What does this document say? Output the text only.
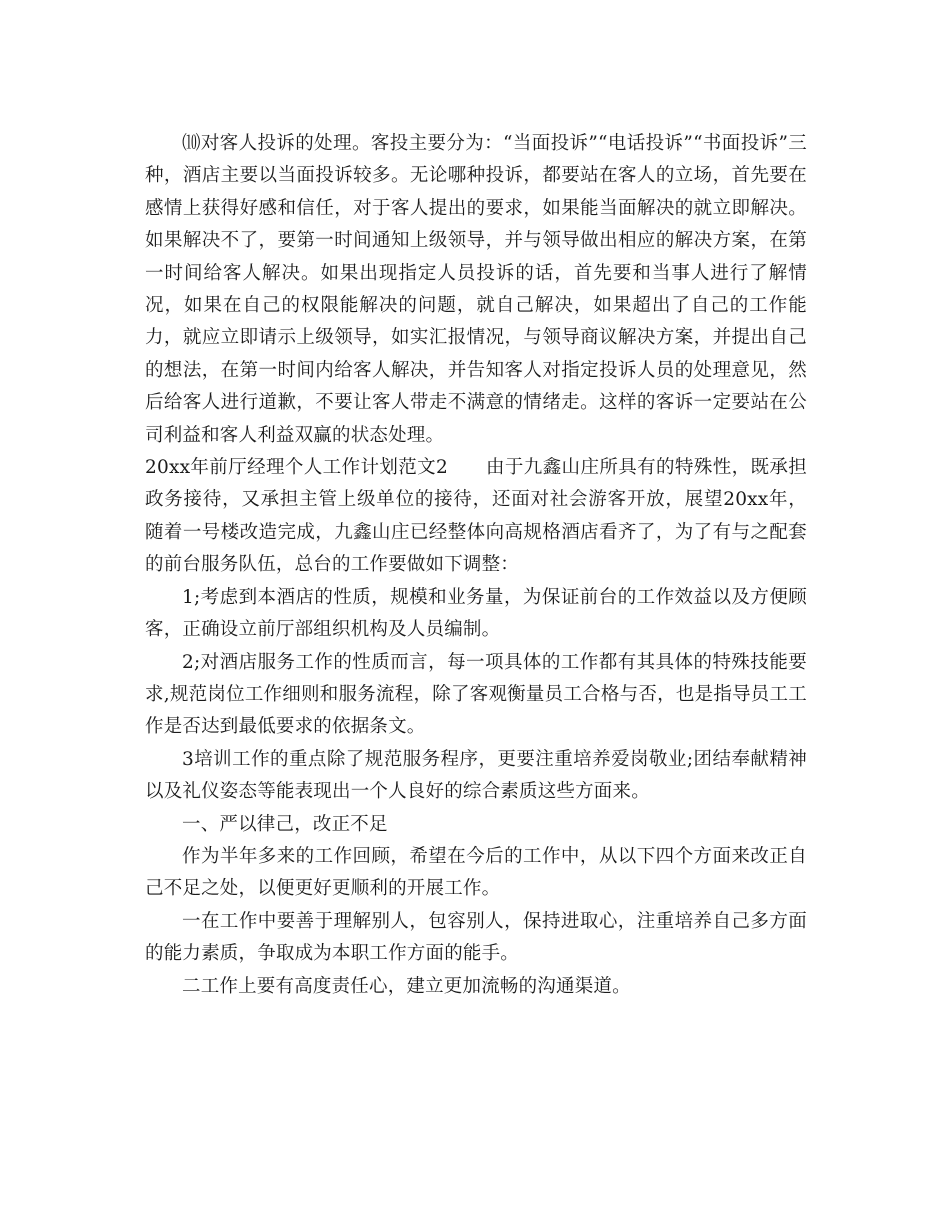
⑽对客人投诉的处理。客投主要分为：“当面投诉”“电话投诉”“书面投诉”三种，酒店主要以当面投诉较多。无论哪种投诉，都要站在客人的立场，首先要在感情上获得好感和信任，对于客人提出的要求，如果能当面解决的就立即解决。如果解决不了，要第一时间通知上级领导，并与领导做出相应的解决方案，在第一时间给客人解决。如果出现指定人员投诉的话，首先要和当事人进行了解情况，如果在自己的权限能解决的问题，就自己解决，如果超出了自己的工作能力，就应立即请示上级领导，如实汇报情况，与领导商议解决方案，并提出自己的想法，在第一时间内给客人解决，并告知客人对指定投诉人员的处理意见，然后给客人进行道歉，不要让客人带走不满意的情绪走。这样的客诉一定要站在公司利益和客人利益双赢的状态处理。

20xx年前厅经理个人工作计划范文2　　由于九鑫山庄所具有的特殊性，既承担政务接待，又承担主管上级单位的接待，还面对社会游客开放，展望20xx年，随着一号楼改造完成，九鑫山庄已经整体向高规格酒店看齐了，为了有与之配套的前台服务队伍，总台的工作要做如下调整：

1;考虑到本酒店的性质，规模和业务量，为保证前台的工作效益以及方便顾客，正确设立前厅部组织机构及人员编制。

2;对酒店服务工作的性质而言，每一项具体的工作都有其具体的特殊技能要求,规范岗位工作细则和服务流程，除了客观衡量员工合格与否，也是指导员工工作是否达到最低要求的依据条文。

3培训工作的重点除了规范服务程序，更要注重培养爱岗敬业;团结奉献精神以及礼仪姿态等能表现出一个人良好的综合素质这些方面来。

一、严以律己，改正不足

作为半年多来的工作回顾，希望在今后的工作中，从以下四个方面来改正自己不足之处，以便更好更顺利的开展工作。

一在工作中要善于理解别人，包容别人，保持进取心，注重培养自己多方面的能力素质，争取成为本职工作方面的能手。

二工作上要有高度责任心，建立更加流畅的沟通渠道。
